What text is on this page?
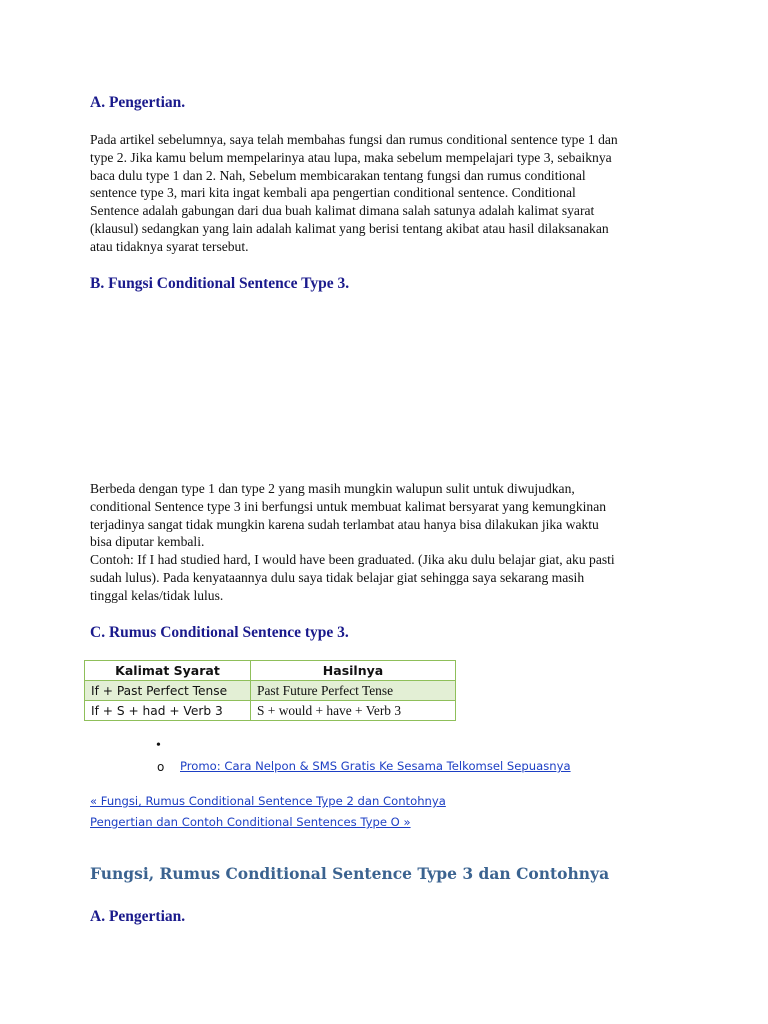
A. Pengertian.

Pada artikel sebelumnya, saya telah membahas fungsi dan rumus conditional sentence type 1 dan
type 2. Jika kamu belum mempelarinya atau lupa, maka sebelum mempelajari type 3, sebaiknya
baca dulu type 1 dan 2. Nah, Sebelum membicarakan tentang fungsi dan rumus conditional
sentence type 3, mari kita ingat kembali apa pengertian conditional sentence. Conditional
Sentence adalah gabungan dari dua buah kalimat dimana salah satunya adalah kalimat syarat
(klausul) sedangkan yang lain adalah kalimat yang berisi tentang akibat atau hasil dilaksanakan
atau tidaknya syarat tersebut.

B. Fungsi Conditional Sentence Type 3.

Berbeda dengan type 1 dan type 2 yang masih mungkin walupun sulit untuk diwujudkan,
conditional Sentence type 3 ini berfungsi untuk membuat kalimat bersyarat yang kemungkinan
terjadinya sangat tidak mungkin karena sudah terlambat atau hanya bisa dilakukan jika waktu
bisa diputar kembali.
Contoh: If I had studied hard, I would have been graduated. (Jika aku dulu belajar giat, aku pasti
sudah lulus). Pada kenyataannya dulu saya tidak belajar giat sehingga saya sekarang masih
tinggal kelas/tidak lulus.

C. Rumus Conditional Sentence type 3.
Kalimat Syarat	Hasilnya
If + Past Perfect Tense	Past Future Perfect Tense
If + S + had + Verb 3	S + would + have + Verb 3
•
o Promo: Cara Nelpon & SMS Gratis Ke Sesama Telkomsel Sepuasnya
« Fungsi, Rumus Conditional Sentence Type 2 dan Contohnya
Pengertian dan Contoh Conditional Sentences Type O »
Fungsi, Rumus Conditional Sentence Type 3 dan Contohnya
A. Pengertian.
